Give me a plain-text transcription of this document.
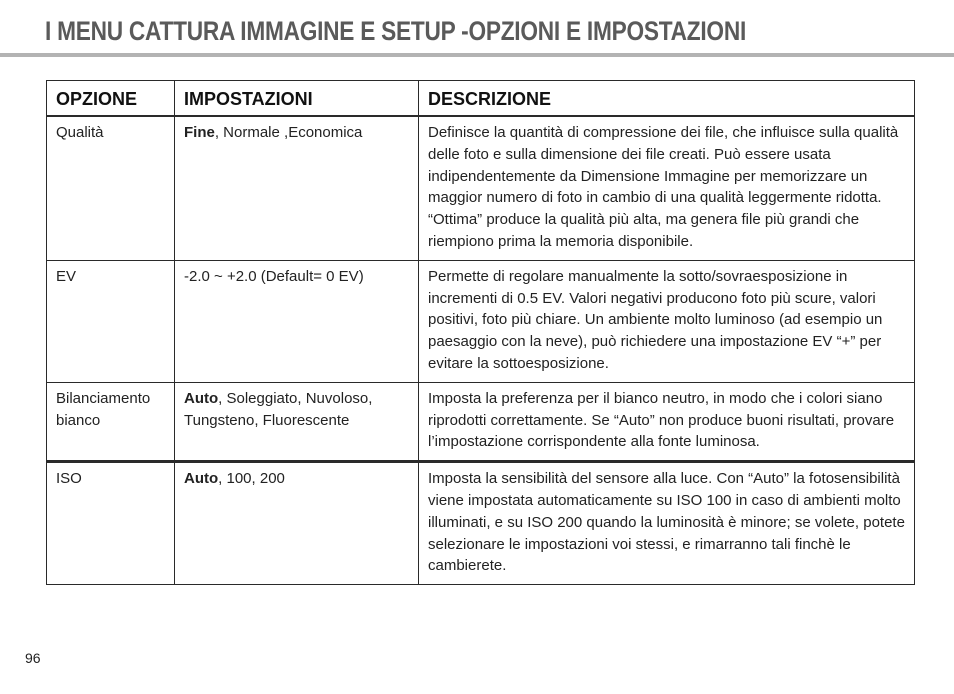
I MENU CATTURA IMMAGINE E SETUP -OPZIONI E IMPOSTAZIONI
OPZIONE	IMPOSTAZIONI	DESCRIZIONE
Qualità	Fine, Normale ,Economica	Definisce la quantità di compressione dei file, che influisce sulla qualità delle foto e sulla dimensione dei file creati. Può essere usata indipendentemente da Dimensione Immagine per memorizzare un maggior numero di foto in cambio di una qualità leggermente ridotta. “Ottima” produce la qualità più alta, ma genera file più grandi che riempiono prima la memoria disponibile.
EV	-2.0 ~ +2.0 (Default= 0 EV)	Permette di regolare manualmente la sotto/sovraesposizione in incrementi di 0.5 EV. Valori negativi producono foto più scure, valori positivi, foto più chiare. Un ambiente molto luminoso (ad esempio un paesaggio con la neve), può richiedere una impostazione EV “+” per evitare la sottoesposizione.
Bilanciamento bianco	Auto, Soleggiato, Nuvoloso, Tungsteno, Fluorescente	Imposta la preferenza per il bianco neutro, in modo che i colori siano riprodotti correttamente. Se “Auto” non produce buoni risultati, provare l’impostazione corrispondente alla fonte luminosa.
ISO	Auto, 100, 200	Imposta la sensibilità del sensore alla luce. Con “Auto” la fotosensibilità viene impostata automaticamente su ISO 100 in caso di ambienti molto illuminati, e su ISO 200 quando la luminosità è minore; se volete, potete selezionare le impostazioni voi stessi, e rimarranno tali finchè le cambierete.
96
